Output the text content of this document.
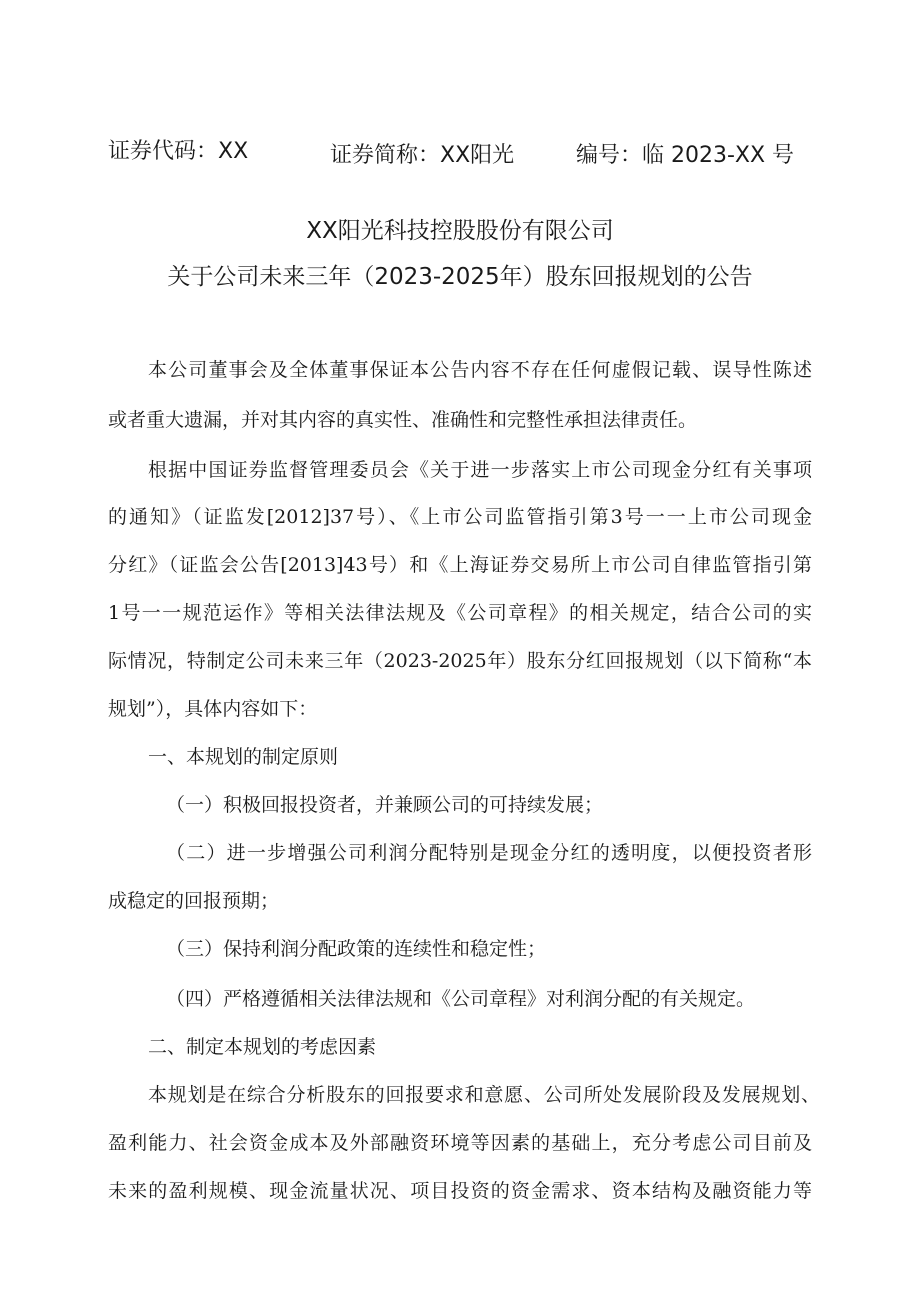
证券代码：XX	证券简称：XX阳光	编号：临 2023-XX 号
XX阳光科技控股股份有限公司
关于公司未来三年（2023-2025年）股东回报规划的公告
本公司董事会及全体董事保证本公告内容不存在任何虚假记载、误导性陈述
或者重大遗漏，并对其内容的真实性、准确性和完整性承担法律责任。
根据中国证券监督管理委员会《关于进一步落实上市公司现金分红有关事项
的通知》（证监发[2012]37号）、《上市公司监管指引第3号一一上市公司现金
分红》（证监会公告[2013]43号）和《上海证券交易所上市公司自律监管指引第
1号一一规范运作》等相关法律法规及《公司章程》的相关规定，结合公司的实
际情况，特制定公司未来三年（2023-2025年）股东分红回报规划（以下简称“本
规划”），具体内容如下：
一、本规划的制定原则
（一）积极回报投资者，并兼顾公司的可持续发展；
（二）进一步增强公司利润分配特别是现金分红的透明度，以便投资者形
成稳定的回报预期；
（三）保持利润分配政策的连续性和稳定性；
（四）严格遵循相关法律法规和《公司章程》对利润分配的有关规定。
二、制定本规划的考虑因素
本规划是在综合分析股东的回报要求和意愿、公司所处发展阶段及发展规划、
盈利能力、社会资金成本及外部融资环境等因素的基础上，充分考虑公司目前及
未来的盈利规模、现金流量状况、项目投资的资金需求、资本结构及融资能力等
